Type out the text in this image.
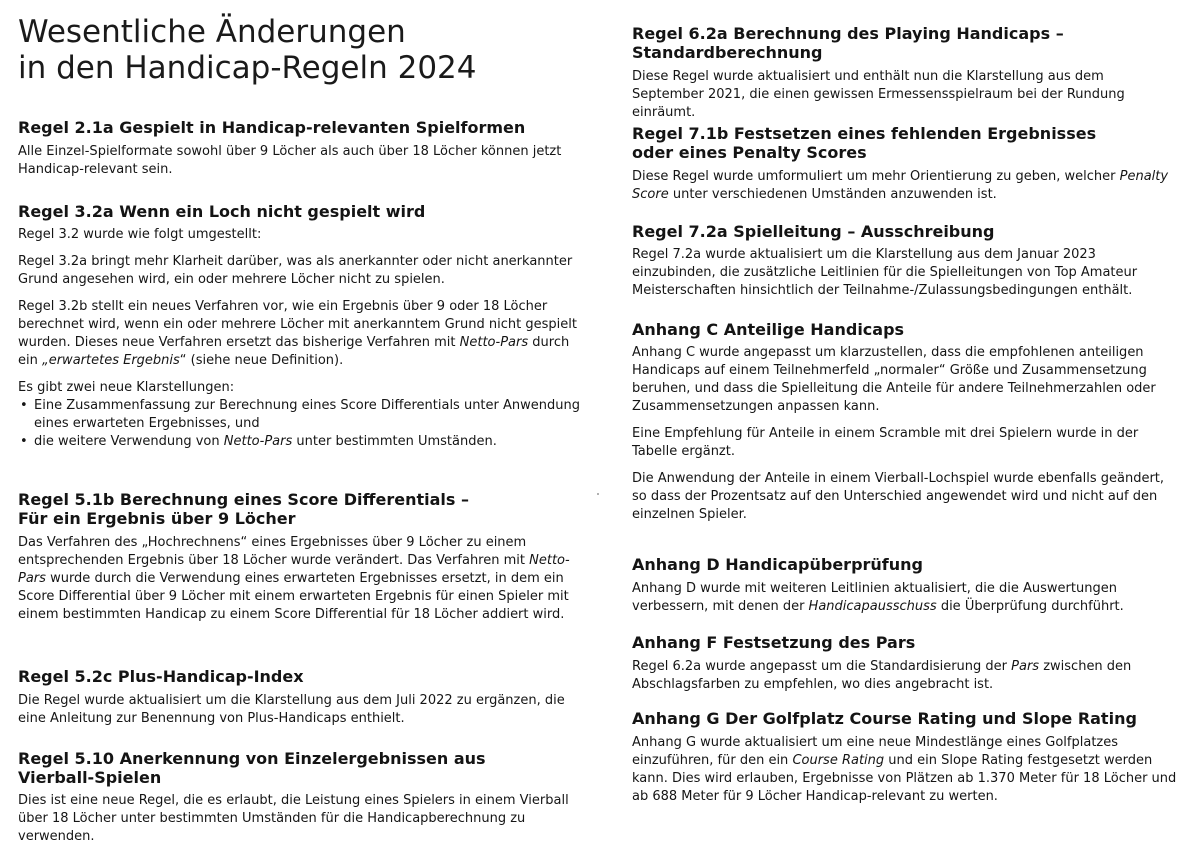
Wesentliche Änderungen
in den Handicap-Regeln 2024
Regel 2.1a Gespielt in Handicap-relevanten Spielformen

Alle Einzel-Spielformate sowohl über 9 Löcher als auch über 18 Löcher können jetzt Handicap-relevant sein.

Regel 3.2a Wenn ein Loch nicht gespielt wird

Regel 3.2 wurde wie folgt umgestellt:

Regel 3.2a bringt mehr Klarheit darüber, was als anerkannter oder nicht anerkannter Grund angesehen wird, ein oder mehrere Löcher nicht zu spielen.

Regel 3.2b stellt ein neues Verfahren vor, wie ein Ergebnis über 9 oder 18 Löcher berechnet wird, wenn ein oder mehrere Löcher mit anerkanntem Grund nicht gespielt wurden. Dieses neue Verfahren ersetzt das bisherige Verfahren mit Netto-Pars durch ein „erwartetes Ergebnis“ (siehe neue Definition).

Es gibt zwei neue Klarstellungen:

• Eine Zusammenfassung zur Berechnung eines Score Differentials unter Anwendung eines erwarteten Ergebnisses, und
• die weitere Verwendung von Netto-Pars unter bestimmten Umständen.
Regel 5.1b Berechnung eines Score Differentials –
Für ein Ergebnis über 9 Löcher

Das Verfahren des „Hochrechnens“ eines Ergebnisses über 9 Löcher zu einem entsprechenden Ergebnis über 18 Löcher wurde verändert. Das Verfahren mit Netto-Pars wurde durch die Verwendung eines erwarteten Ergebnisses ersetzt, in dem ein Score Differential über 9 Löcher mit einem erwarteten Ergebnis für einen Spieler mit einem bestimmten Handicap zu einem Score Differential für 18 Löcher addiert wird.

Regel 5.2c Plus-Handicap-Index

Die Regel wurde aktualisiert um die Klarstellung aus dem Juli 2022 zu ergänzen, die eine Anleitung zur Benennung von Plus-Handicaps enthielt.

Regel 5.10 Anerkennung von Einzelergebnissen aus
Vierball-Spielen

Dies ist eine neue Regel, die es erlaubt, die Leistung eines Spielers in einem Vierball über 18 Löcher unter bestimmten Umständen für die Handicapberechnung zu verwenden.

Regel 6.2a Berechnung des Playing Handicaps –
Standardberechnung

Diese Regel wurde aktualisiert und enthält nun die Klarstellung aus dem September 2021, die einen gewissen Ermessensspielraum bei der Rundung einräumt.

Regel 7.1b Festsetzen eines fehlenden Ergebnisses
oder eines Penalty Scores

Diese Regel wurde umformuliert um mehr Orientierung zu geben, welcher Penalty Score unter verschiedenen Umständen anzuwenden ist.

Regel 7.2a Spielleitung – Ausschreibung

Regel 7.2a wurde aktualisiert um die Klarstellung aus dem Januar 2023 einzubinden, die zusätzliche Leitlinien für die Spielleitungen von Top Amateur Meisterschaften hinsichtlich der Teilnahme-/Zulassungsbedingungen enthält.

Anhang C Anteilige Handicaps

Anhang C wurde angepasst um klarzustellen, dass die empfohlenen anteiligen Handicaps auf einem Teilnehmerfeld „normaler“ Größe und Zusammensetzung beruhen, und dass die Spielleitung die Anteile für andere Teilnehmerzahlen oder Zusammensetzungen anpassen kann.

Eine Empfehlung für Anteile in einem Scramble mit drei Spielern wurde in der Tabelle ergänzt.

Die Anwendung der Anteile in einem Vierball-Lochspiel wurde ebenfalls geändert, so dass der Prozentsatz auf den Unterschied angewendet wird und nicht auf den einzelnen Spieler.

Anhang D Handicapüberprüfung

Anhang D wurde mit weiteren Leitlinien aktualisiert, die die Auswertungen verbessern, mit denen der Handicapausschuss die Überprüfung durchführt.

Anhang F Festsetzung des Pars

Regel 6.2a wurde angepasst um die Standardisierung der Pars zwischen den Abschlagsfarben zu empfehlen, wo dies angebracht ist.

Anhang G Der Golfplatz Course Rating und Slope Rating

Anhang G wurde aktualisiert um eine neue Mindestlänge eines Golfplatzes einzuführen, für den ein Course Rating und ein Slope Rating festgesetzt werden kann. Dies wird erlauben, Ergebnisse von Plätzen ab 1.370 Meter für 18 Löcher und ab 688 Meter für 9 Löcher Handicap-relevant zu werten.
